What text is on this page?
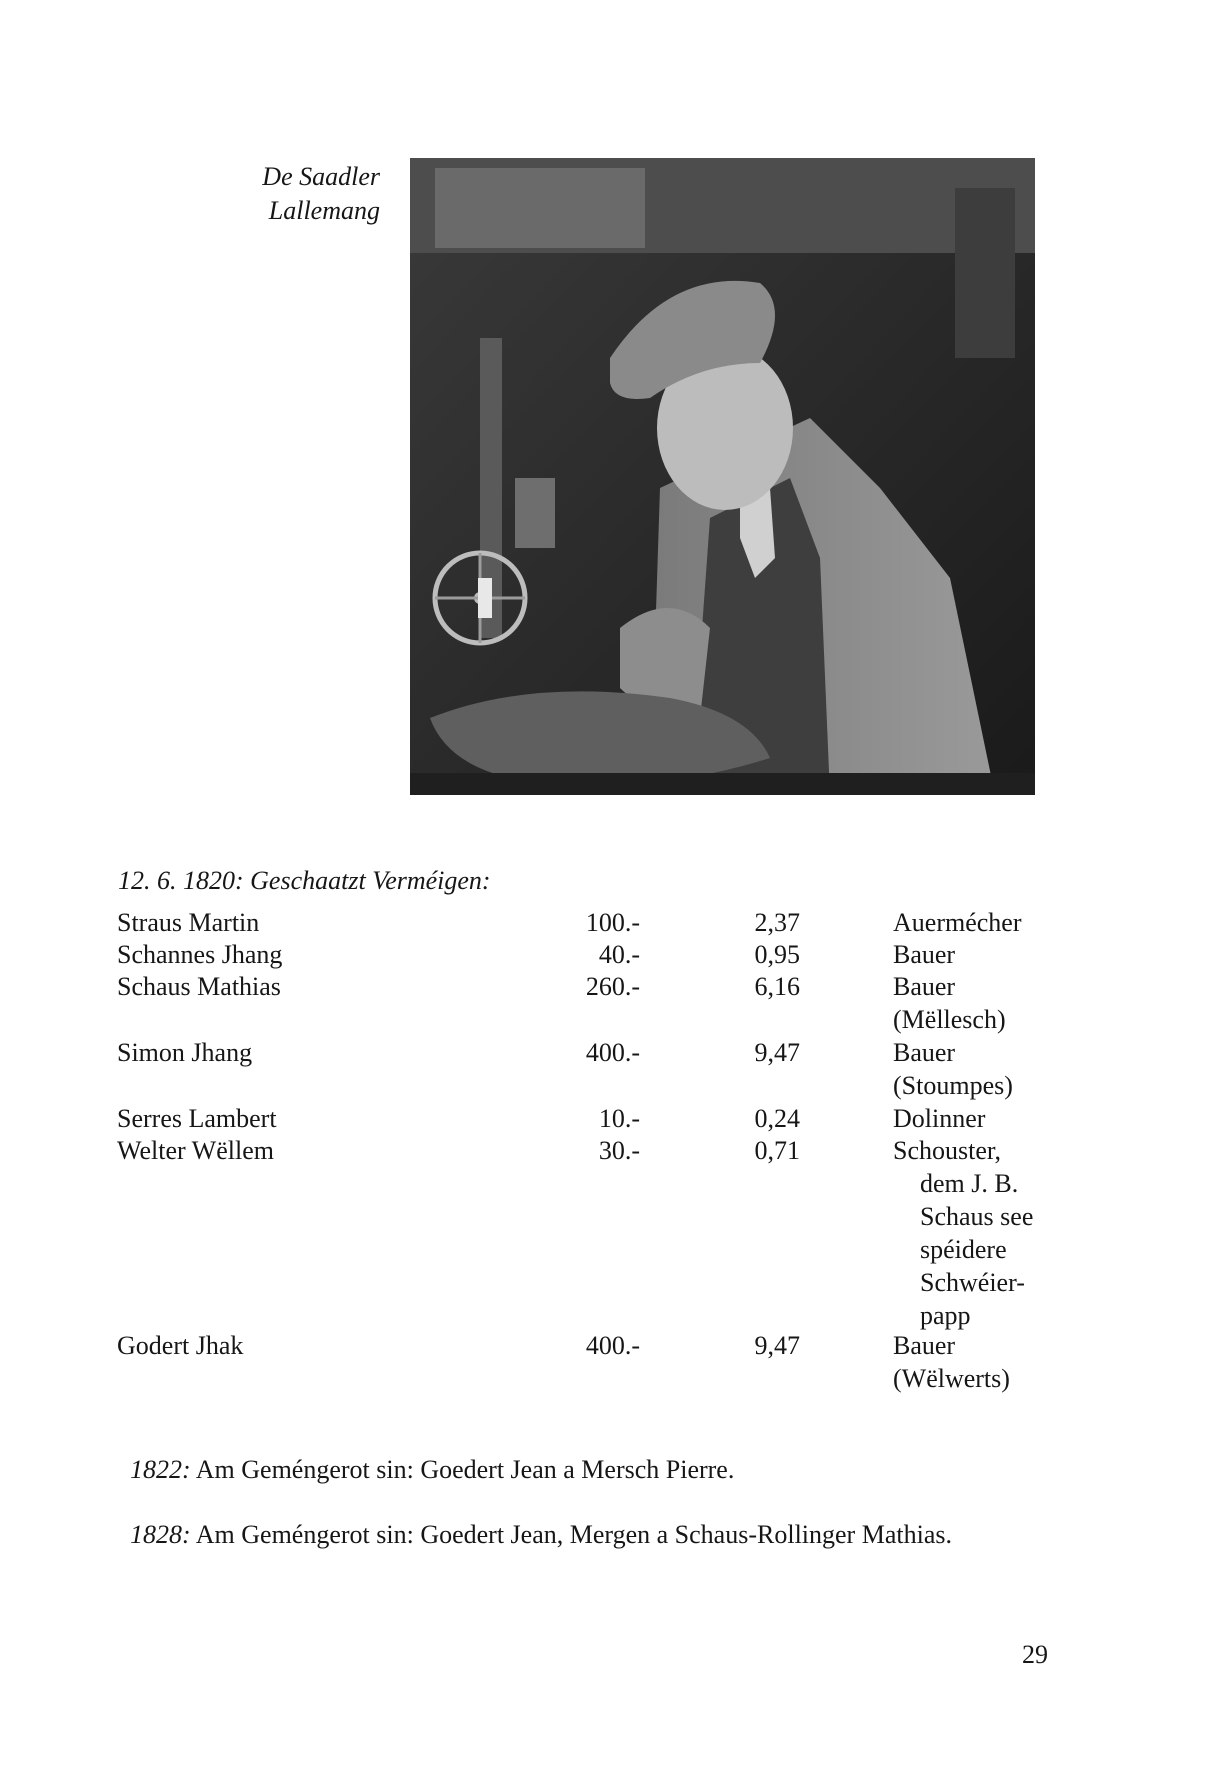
De Saadler
Lallemang
12. 6. 1820: Geschaatzt Verméigen:
Straus Martin	100.-	2,37	Auermécher
Schannes Jhang	40.-	0,95	Bauer
Schaus Mathias	260.-	6,16	Bauer
(Mëllesch)
Simon Jhang	400.-	9,47	Bauer
(Stoumpes)
Serres Lambert	10.-	0,24	Dolinner
Welter Wëllem	30.-	0,71	Schouster,
dem J. B.
Schaus see
spéidere
Schwéier-
papp
Godert Jhak	400.-	9,47	Bauer
(Wëlwerts)
1822: Am Geméngerot sin: Goedert Jean a Mersch Pierre.
1828: Am Geméngerot sin: Goedert Jean, Mergen a Schaus-Rollinger Mathias.
29
